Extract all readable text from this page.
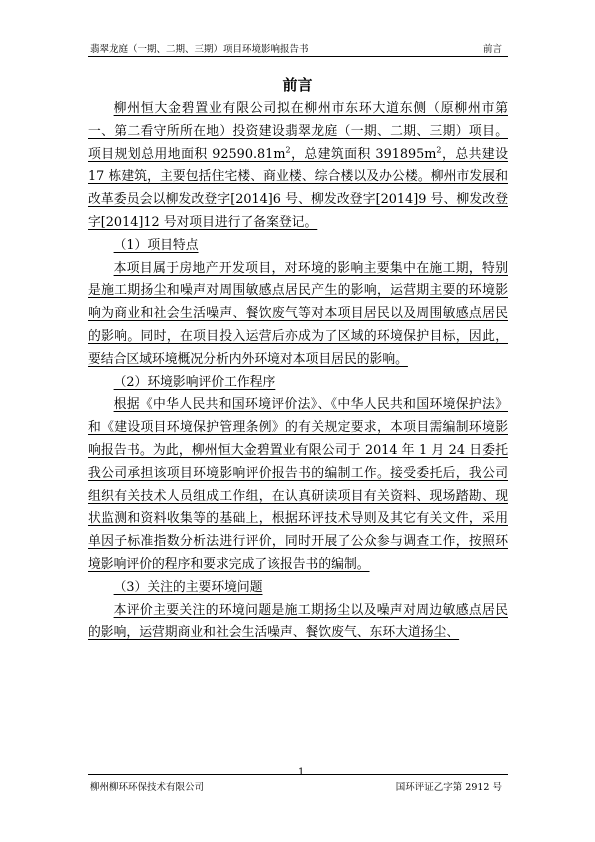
翡翠龙庭（一期、二期、三期）项目环境影响报告书	前言
前言

柳州恒大金碧置业有限公司拟在柳州市东环大道东侧（原柳州市第一、第二看守所所在地）投资建设翡翠龙庭（一期、二期、三期）项目。项目规划总用地面积 $92590.81m^2$，总建筑面积 $391895m^2$，总共建设 17 栋建筑，主要包括住宅楼、商业楼、综合楼以及办公楼。柳州市发展和改革委员会以柳发改登字[2014]6 号、柳发改登字[2014]9 号、柳发改登字[2014]12 号对项目进行了备案登记。

（1）项目特点

本项目属于房地产开发项目，对环境的影响主要集中在施工期，特别是施工期扬尘和噪声对周围敏感点居民产生的影响，运营期主要的环境影响为商业和社会生活噪声、餐饮废气等对本项目居民以及周围敏感点居民的影响。同时，在项目投入运营后亦成为了区域的环境保护目标，因此，要结合区域环境概况分析内外环境对本项目居民的影响。

（2）环境影响评价工作程序

根据《中华人民共和国环境评价法》、《中华人民共和国环境保护法》和《建设项目环境保护管理条例》的有关规定要求，本项目需编制环境影响报告书。为此，柳州恒大金碧置业有限公司于 2014 年 1 月 24 日委托我公司承担该项目环境影响评价报告书的编制工作。接受委托后，我公司组织有关技术人员组成工作组，在认真研读项目有关资料、现场踏勘、现状监测和资料收集等的基础上，根据环评技术导则及其它有关文件，采用单因子标准指数分析法进行评价，同时开展了公众参与调查工作，按照环境影响评价的程序和要求完成了该报告书的编制。

（3）关注的主要环境问题

本评价主要关注的环境问题是施工期扬尘以及噪声对周边敏感点居民的影响，运营期商业和社会生活噪声、餐饮废气、东环大道扬尘、

柳州柳环环保技术有限公司
1
国环评证乙字第 2912 号
